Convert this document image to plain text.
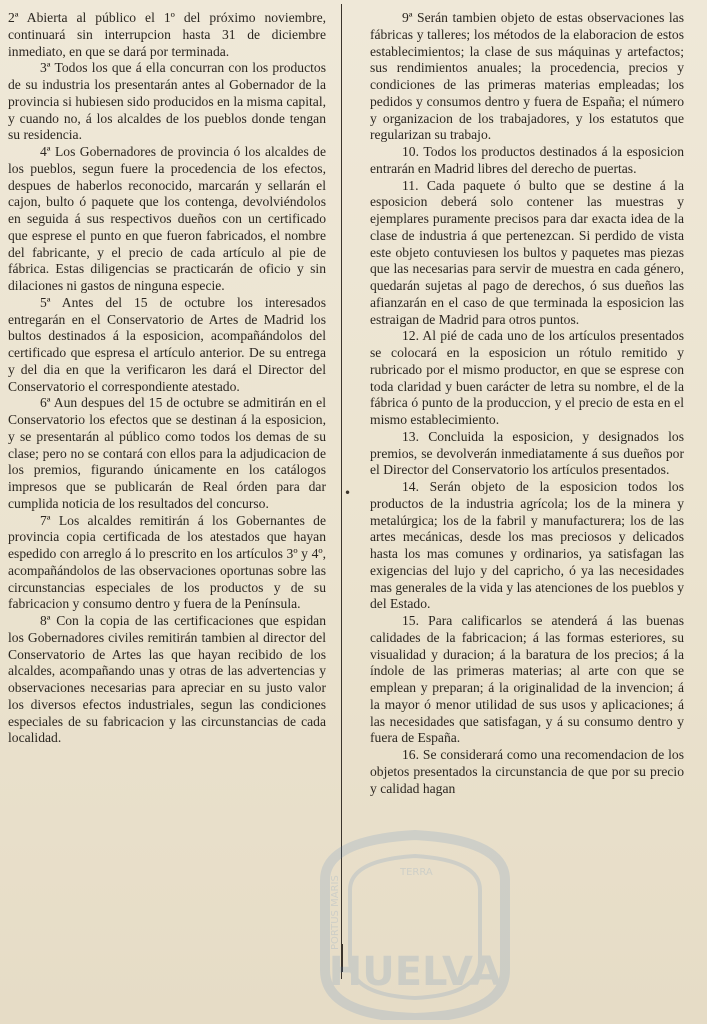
2ª Abierta al público el 1º del próximo noviembre, continuará sin interrupcion hasta 31 de diciembre inmediato, en que se dará por terminada.

3ª Todos los que á ella concurran con los productos de su industria los presentarán antes al Gobernador de la provincia si hubiesen sido producidos en la misma capital, y cuando no, á los alcaldes de los pueblos donde tengan su residencia.

4ª Los Gobernadores de provincia ó los alcaldes de los pueblos, segun fuere la procedencia de los efectos, despues de haberlos reconocido, marcarán y sellarán el cajon, bulto ó paquete que los contenga, devolviéndolos en seguida á sus respectivos dueños con un certificado que esprese el punto en que fueron fabricados, el nombre del fabricante, y el precio de cada artículo al pie de fábrica. Estas diligencias se practicarán de oficio y sin dilaciones ni gastos de ninguna especie.

5ª Antes del 15 de octubre los interesados entregarán en el Conservatorio de Artes de Madrid los bultos destinados á la esposicion, acompañándolos del certificado que espresa el artículo anterior. De su entrega y del dia en que la verificaron les dará el Director del Conservatorio el correspondiente atestado.

6ª Aun despues del 15 de octubre se admitirán en el Conservatorio los efectos que se destinan á la esposicion, y se presentarán al público como todos los demas de su clase; pero no se contará con ellos para la adjudicacion de los premios, figurando únicamente en los catálogos impresos que se publicarán de Real órden para dar cumplida noticia de los resultados del concurso.

7ª Los alcaldes remitirán á los Gobernantes de provincia copia certificada de los atestados que hayan espedido con arreglo á lo prescrito en los artículos 3º y 4º, acompañándolos de las observaciones oportunas sobre las circunstancias especiales de los productos y de su fabricacion y consumo dentro y fuera de la Península.

8ª Con la copia de las certificaciones que espidan los Gobernadores civiles remitirán tambien al director del Conservatorio de Artes las que hayan recibido de los alcaldes, acompañando unas y otras de las advertencias y observaciones necesarias para apreciar en su justo valor los diversos efectos industriales, segun las condiciones especiales de su fabricacion y las circunstancias de cada localidad.

•

9ª Serán tambien objeto de estas observaciones las fábricas y talleres; los métodos de la elaboracion de estos establecimientos; la clase de sus máquinas y artefactos; sus rendimientos anuales; la procedencia, precios y condiciones de las primeras materias empleadas; los pedidos y consumos dentro y fuera de España; el número y organizacion de los trabajadores, y los estatutos que regularizan su trabajo.

10. Todos los productos destinados á la esposicion entrarán en Madrid libres del derecho de puertas.

11. Cada paquete ó bulto que se destine á la esposicion deberá solo contener las muestras y ejemplares puramente precisos para dar exacta idea de la clase de industria á que pertenezcan. Si perdido de vista este objeto contuviesen los bultos y paquetes mas piezas que las necesarias para servir de muestra en cada género, quedarán sujetas al pago de derechos, ó sus dueños las afianzarán en el caso de que terminada la esposicion las estraigan de Madrid para otros puntos.

12. Al pié de cada uno de los artículos presentados se colocará en la esposicion un rótulo remitido y rubricado por el mismo productor, en que se esprese con toda claridad y buen carácter de letra su nombre, el de la fábrica ó punto de la produccion, y el precio de esta en el mismo establecimiento.

13. Concluida la esposicion, y designados los premios, se devolverán inmediatamente á sus dueños por el Director del Conservatorio los artículos presentados.

14. Serán objeto de la esposicion todos los productos de la industria agrícola; los de la minera y metalúrgica; los de la fabril y manufacturera; los de las artes mecánicas, desde los mas preciosos y delicados hasta los mas comunes y ordinarios, ya satisfagan las exigencias del lujo y del capricho, ó ya las necesidades mas generales de la vida y las atenciones de los pueblos y del Estado.

15. Para calificarlos se atenderá á las buenas calidades de la fabricacion; á las formas esteriores, su visualidad y duracion; á la baratura de los precios; á la índole de las primeras materias; al arte con que se emplean y preparan; á la originalidad de la invencion; á la mayor ó menor utilidad de sus usos y aplicaciones; á las necesidades que satisfagan, y á su consumo dentro y fuera de España.

16. Se considerará como una recomendacion de los objetos presentados la circunstancia de que por su precio y calidad hagan

HUELVA
PORTUS MARIS
TERRA
